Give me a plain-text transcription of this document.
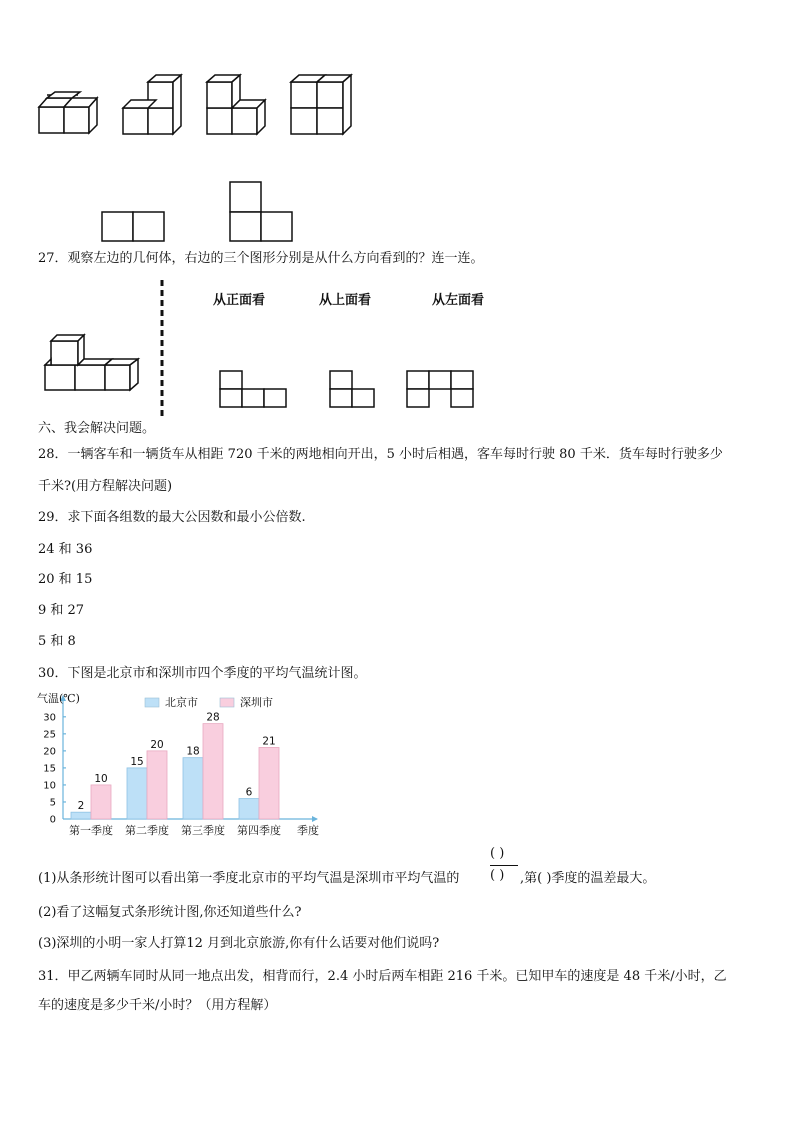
27．观察左边的几何体，右边的三个图形分别是从什么方向看到的？连一连。
从正面看	从上面看	从左面看
六、我会解决问题。
28．一辆客车和一辆货车从相距 720 千米的两地相向开出，5 小时后相遇，客车每时行驶 80 千米．货车每时行驶多少
千米?(用方程解决问题)
29．求下面各组数的最大公因数和最小公倍数.
24 和 36
20 和 15
9 和 27
5 和 8
30．下图是北京市和深圳市四个季度的平均气温统计图。
气温(℃)
0
5
10
15
20
25
30
北京市	深圳市
2
10
第一季度
15
20
第二季度
18
28
第三季度
6
21
第四季度 季度
(1)从条形统计图可以看出第一季度北京市的平均气温是深圳市平均气温的
( )
( ) ,第( )季度的温差最大。
(2)看了这幅复式条形统计图,你还知道些什么?
(3)深圳的小明一家人打算12 月到北京旅游,你有什么话要对他们说吗?
31．甲乙两辆车同时从同一地点出发，相背而行，2.4 小时后两车相距 216 千米。已知甲车的速度是 48 千米/小时，乙
车的速度是多少千米/小时？（用方程解）
